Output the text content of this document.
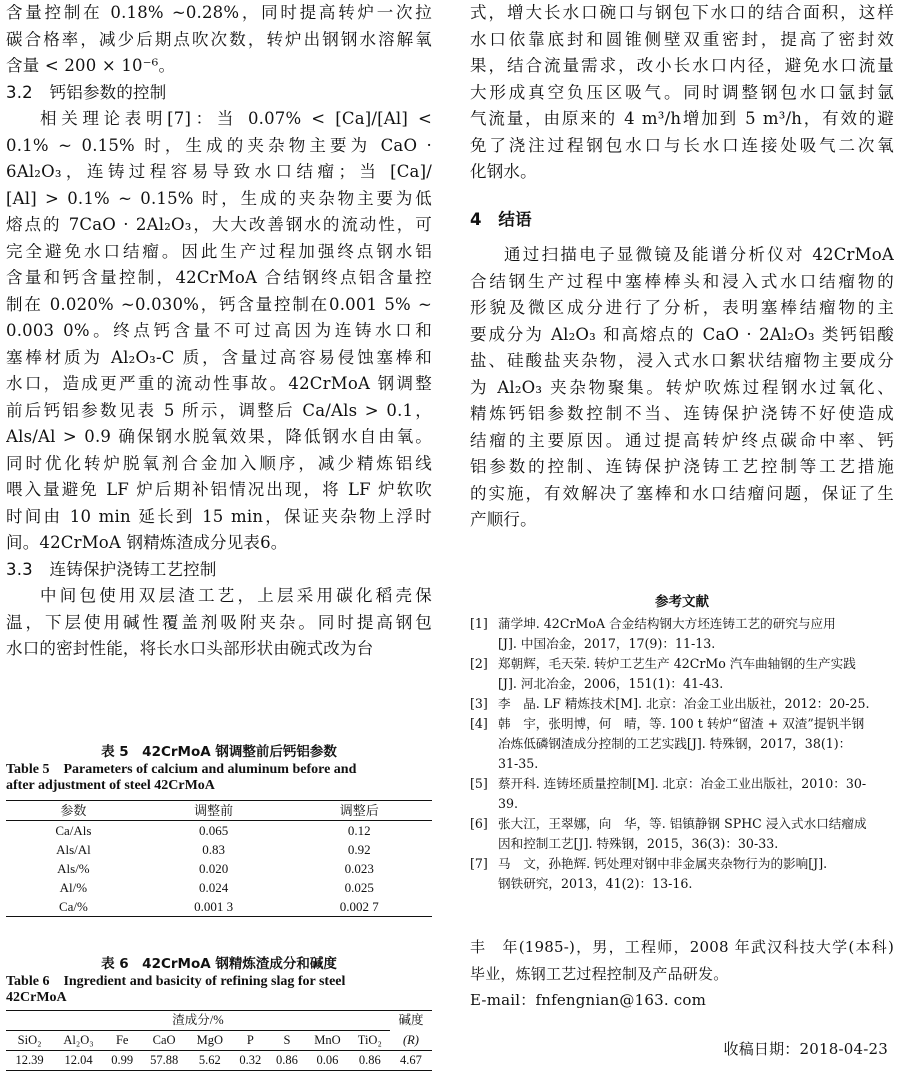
含量控制在 0.18% ~0.28%，同时提高转炉一次拉
碳合格率，减少后期点吹次数，转炉出钢钢水溶解氧
含量 < 200 × 10⁻⁶。
3.2　钙铝参数的控制
相关理论表明[7]：当 0.07% < [Ca]/[Al] <
0.1% ~ 0.15% 时，生成的夹杂物主要为 CaO ·
6Al₂O₃，连铸过程容易导致水口结瘤；当 [Ca]/
[Al] > 0.1% ~ 0.15% 时，生成的夹杂物主要为低
熔点的 7CaO · 2Al₂O₃，大大改善钢水的流动性，可
完全避免水口结瘤。因此生产过程加强终点钢水铝
含量和钙含量控制，42CrMoA 合结钢终点铝含量控
制在 0.020% ~0.030%，钙含量控制在0.001 5% ~
0.003 0%。终点钙含量不可过高因为连铸水口和
塞棒材质为 Al₂O₃-C 质，含量过高容易侵蚀塞棒和
水口，造成更严重的流动性事故。42CrMoA 钢调整
前后钙铝参数见表 5 所示，调整后 Ca/Als > 0.1，
Als/Al > 0.9 确保钢水脱氧效果，降低钢水自由氧。
同时优化转炉脱氧剂合金加入顺序，减少精炼铝线
喂入量避免 LF 炉后期补铝情况出现，将 LF 炉软吹
时间由 10 min 延长到 15 min，保证夹杂物上浮时
间。42CrMoA 钢精炼渣成分见表6。
3.3　连铸保护浇铸工艺控制
中间包使用双层渣工艺，上层采用碳化稻壳保
温，下层使用碱性覆盖剂吸附夹杂。同时提高钢包
水口的密封性能，将长水口头部形状由碗式改为台
表 5　42CrMoA 钢调整前后钙铝参数
Table 5　Parameters of calcium and aluminum before and
after adjustment of steel 42CrMoA
参数	调整前	调整后
Ca/Als	0.065	0.12
Als/Al	0.83	0.92
Als/%	0.020	0.023
Al/%	0.024	0.025
Ca/%	0.001 3	0.002 7
表 6　42CrMoA 钢精炼渣成分和碱度
Table 6　Ingredient and basicity of refining slag for steel
42CrMoA
渣成分/%									碱度
SiO₂	Al₂O₃	Fe	CaO	MgO	P	S	MnO	TiO₂	(R)
12.39	12.04	0.99	57.88	5.62	0.32	0.86	0.06	0.86	4.67
式，增大长水口碗口与钢包下水口的结合面积，这样
水口依靠底封和圆锥侧壁双重密封，提高了密封效
果，结合流量需求，改小长水口内径，避免水口流量
大形成真空负压区吸气。同时调整钢包水口氩封氩
气流量，由原来的 4 m³/h增加到 5 m³/h，有效的避
免了浇注过程钢包水口与长水口连接处吸气二次氧
化钢水。
4　结语
通过扫描电子显微镜及能谱分析仪对 42CrMoA
合结钢生产过程中塞棒棒头和浸入式水口结瘤物的
形貌及微区成分进行了分析，表明塞棒结瘤物的主
要成分为 Al₂O₃ 和高熔点的 CaO · 2Al₂O₃ 类钙铝酸
盐、硅酸盐夹杂物，浸入式水口絮状结瘤物主要成分
为 Al₂O₃ 夹杂物聚集。转炉吹炼过程钢水过氧化、
精炼钙铝参数控制不当、连铸保护浇铸不好使造成
结瘤的主要原因。通过提高转炉终点碳命中率、钙
铝参数的控制、连铸保护浇铸工艺控制等工艺措施
的实施，有效解决了塞棒和水口结瘤问题，保证了生
产顺行。
参考文献
[1] 蒲学坤. 42CrMoA 合金结构钢大方坯连铸工艺的研究与应用
[J]. 中国冶金，2017，17(9)：11-13.
[2] 郑朝辉，毛天荣. 转炉工艺生产 42CrMo 汽车曲轴钢的生产实践
[J]. 河北冶金，2006，151(1)：41-43.
[3] 李　晶. LF 精炼技术[M]. 北京：冶金工业出版社，2012：20-25.
[4] 韩　宇，张明博，何　晴，等. 100 t 转炉“留渣 + 双渣”提钒半钢
冶炼低磷钢渣成分控制的工艺实践[J]. 特殊钢，2017，38(1)：
31-35.
[5] 蔡开科. 连铸坯质量控制[M]. 北京：冶金工业出版社，2010：30-
39.
[6] 张大江，王翠娜，向　华，等. 铝镇静钢 SPHC 浸入式水口结瘤成
因和控制工艺[J]. 特殊钢，2015，36(3)：30-33.
[7] 马　文，孙艳辉. 钙处理对钢中非金属夹杂物行为的影响[J].
钢铁研究，2013，41(2)：13-16.
丰　年(1985-)，男，工程师，2008 年武汉科技大学(本科)
毕业，炼钢工艺过程控制及产品研发。
E-mail：fnfengnian@163. com
收稿日期：2018-04-23
